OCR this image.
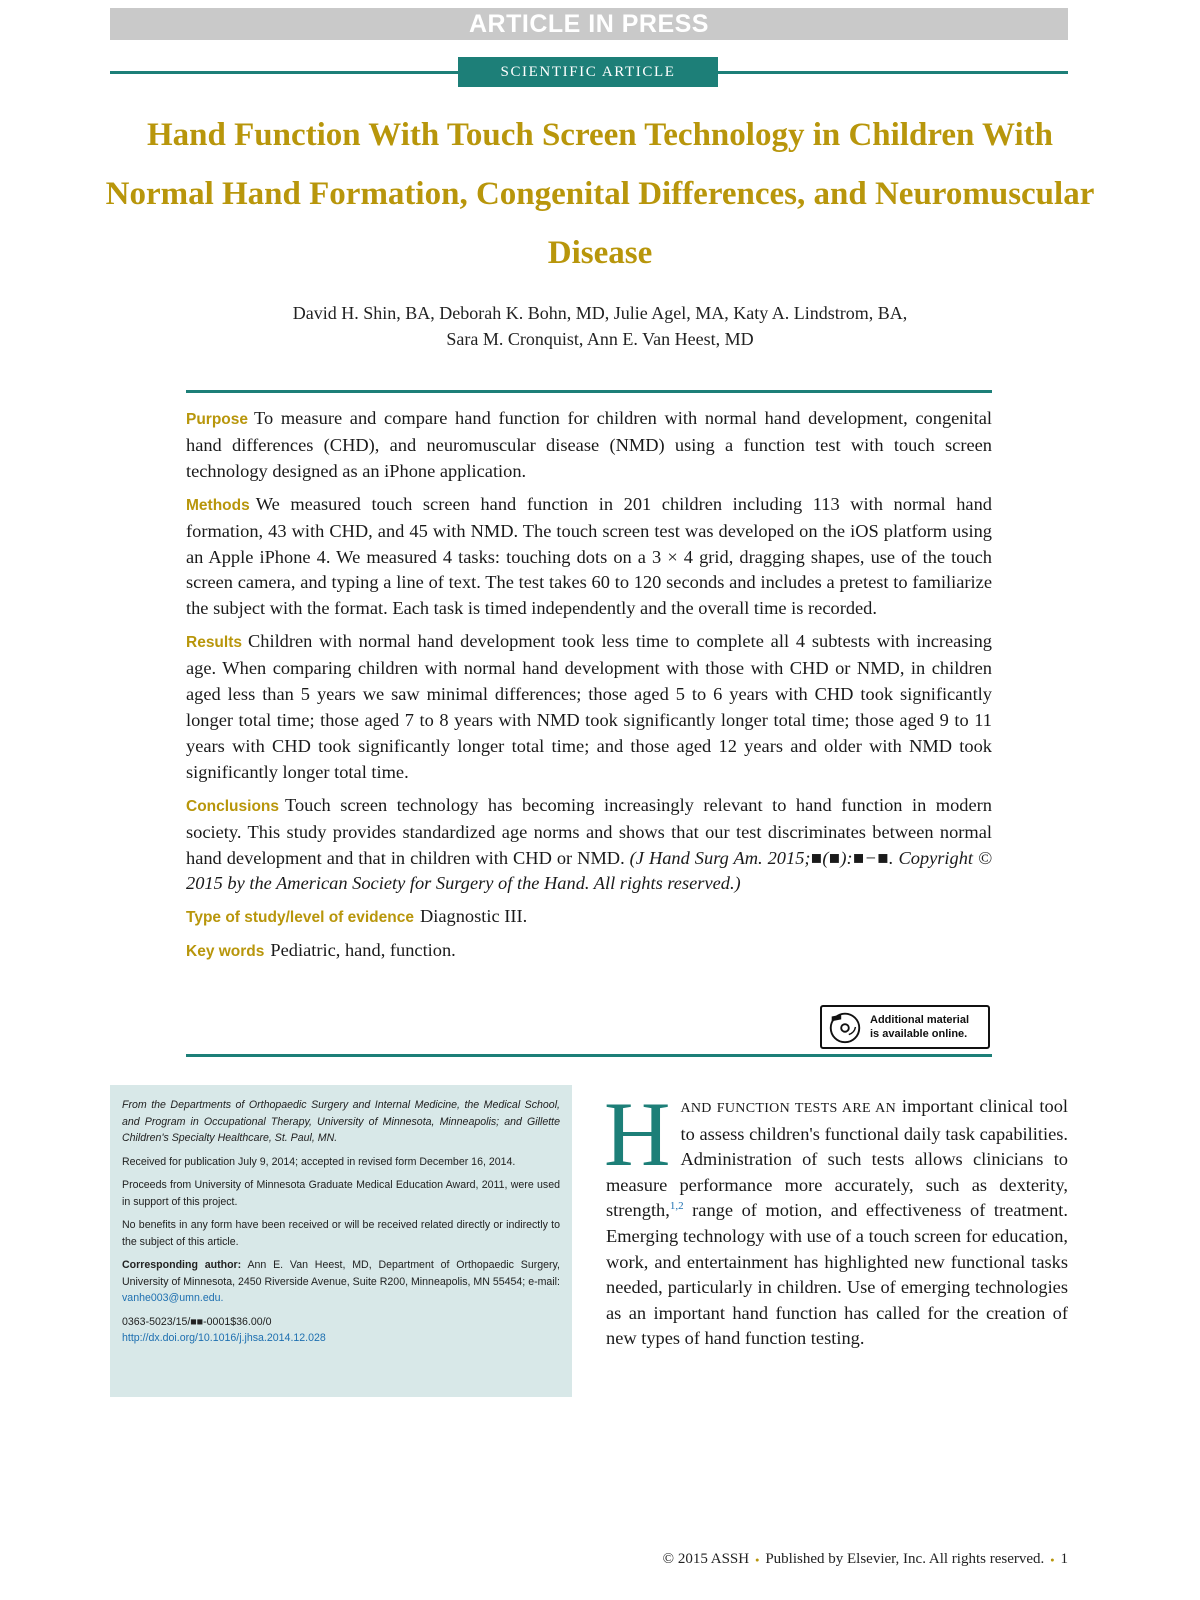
ARTICLE IN PRESS
SCIENTIFIC ARTICLE
Hand Function With Touch Screen Technology in Children With Normal Hand Formation, Congenital Differences, and Neuromuscular Disease
David H. Shin, BA, Deborah K. Bohn, MD, Julie Agel, MA, Katy A. Lindstrom, BA,
Sara M. Cronquist, Ann E. Van Heest, MD

Purpose To measure and compare hand function for children with normal hand development, congenital hand differences (CHD), and neuromuscular disease (NMD) using a function test with touch screen technology designed as an iPhone application.

Methods We measured touch screen hand function in 201 children including 113 with normal hand formation, 43 with CHD, and 45 with NMD. The touch screen test was developed on the iOS platform using an Apple iPhone 4. We measured 4 tasks: touching dots on a 3 × 4 grid, dragging shapes, use of the touch screen camera, and typing a line of text. The test takes 60 to 120 seconds and includes a pretest to familiarize the subject with the format. Each task is timed independently and the overall time is recorded.

Results Children with normal hand development took less time to complete all 4 subtests with increasing age. When comparing children with normal hand development with those with CHD or NMD, in children aged less than 5 years we saw minimal differences; those aged 5 to 6 years with CHD took significantly longer total time; those aged 7 to 8 years with NMD took significantly longer total time; those aged 9 to 11 years with CHD took significantly longer total time; and those aged 12 years and older with NMD took significantly longer total time.

Conclusions Touch screen technology has becoming increasingly relevant to hand function in modern society. This study provides standardized age norms and shows that our test discriminates between normal hand development and that in children with CHD or NMD. (J Hand Surg Am. 2015;■(■):■−■. Copyright © 2015 by the American Society for Surgery of the Hand. All rights reserved.)

Type of study/level of evidence Diagnostic III.

Key words Pediatric, hand, function.

Additional material
is available online.

From the Departments of Orthopaedic Surgery and Internal Medicine, the Medical School, and Program in Occupational Therapy, University of Minnesota, Minneapolis; and Gillette Children's Specialty Healthcare, St. Paul, MN.

Received for publication July 9, 2014; accepted in revised form December 16, 2014.

Proceeds from University of Minnesota Graduate Medical Education Award, 2011, were used in support of this project.

No benefits in any form have been received or will be received related directly or indirectly to the subject of this article.

Corresponding author: Ann E. Van Heest, MD, Department of Orthopaedic Surgery, University of Minnesota, 2450 Riverside Avenue, Suite R200, Minneapolis, MN 55454; e-mail: vanhe003@umn.edu.

0363-5023/15/■■-0001$36.00/0
http://dx.doi.org/10.1016/j.jhsa.2014.12.028

H AND FUNCTION TESTS ARE AN important clinical tool to assess children's functional daily task capabilities. Administration of such tests allows clinicians to measure performance more accurately, such as dexterity, strength,$^{1,2}$ range of motion, and effectiveness of treatment. Emerging technology with use of a touch screen for education, work, and entertainment has highlighted new functional tasks needed, particularly in children. Use of emerging technologies as an important hand function has called for the creation of new types of hand function testing.
© 2015 ASSH ● Published by Elsevier, Inc. All rights reserved. ● 1
